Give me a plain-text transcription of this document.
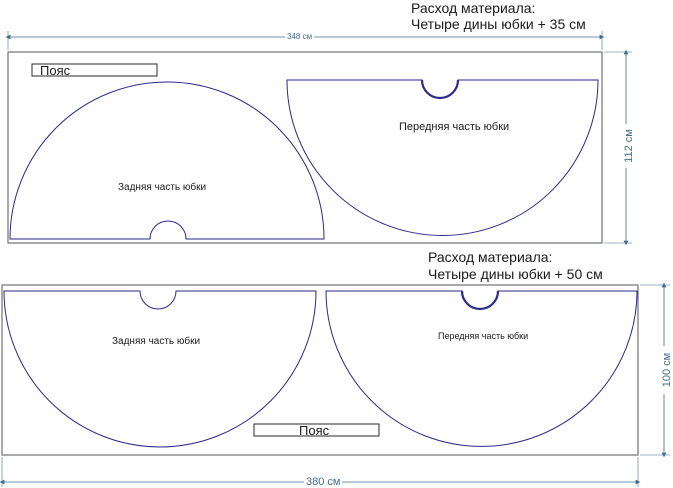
Расход материала:
Четыре дины юбки + 35 см
348 см
112 см
Пояс
Задняя часть юбки
Передняя часть юбки
Расход материала:
Четыре дины юбки + 50 см
380 см
100 см
Задняя часть юбки	Передняя часть юбки
Пояс
